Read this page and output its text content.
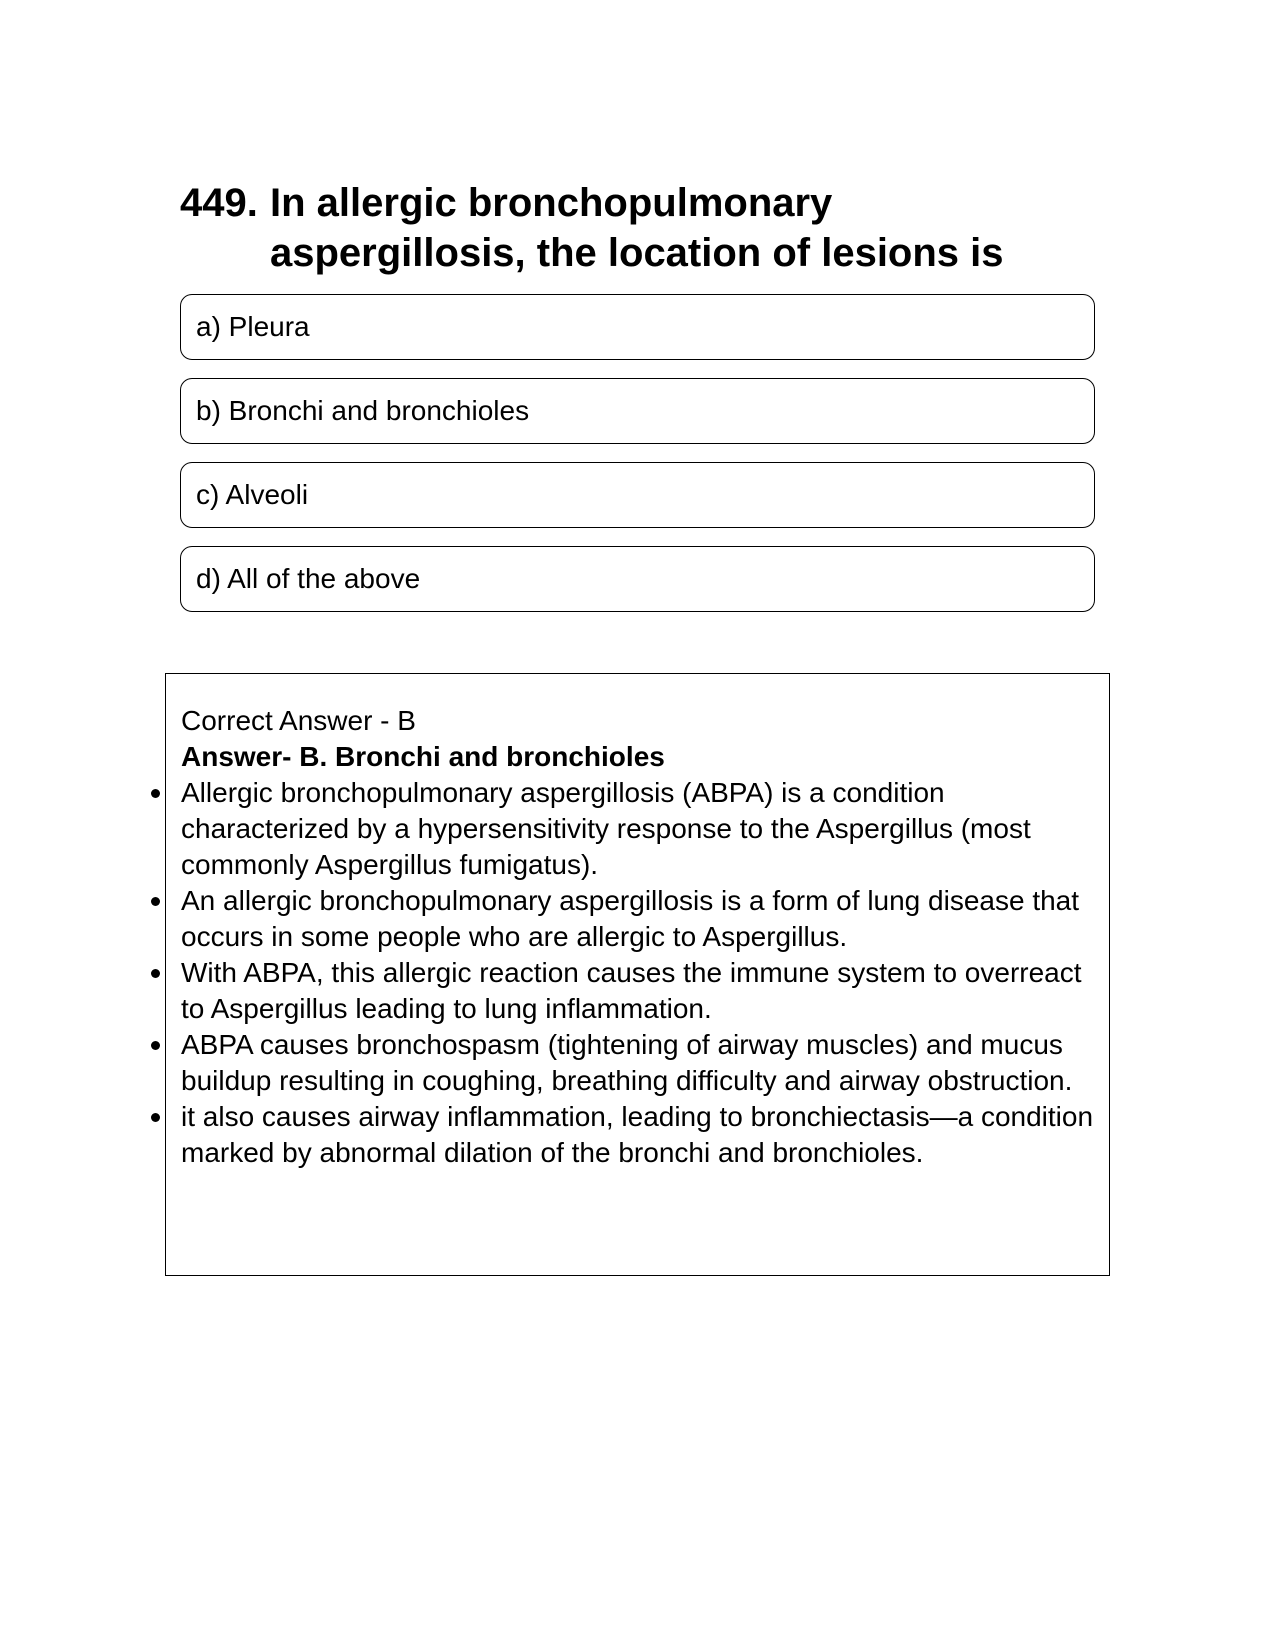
449. In allergic bronchopulmonary aspergillosis, the location of lesions is
a) Pleura
b) Bronchi and bronchioles
c) Alveoli
d) All of the above

Correct Answer - B

Answer- B. Bronchi and bronchioles

Allergic bronchopulmonary aspergillosis (ABPA) is a condition characterized by a hypersensitivity response to the Aspergillus (most commonly Aspergillus fumigatus).
An allergic bronchopulmonary aspergillosis is a form of lung disease that occurs in some people who are allergic to Aspergillus.
With ABPA, this allergic reaction causes the immune system to overreact to Aspergillus leading to lung inflammation.
ABPA causes bronchospasm (tightening of airway muscles) and mucus buildup resulting in coughing, breathing difficulty and airway obstruction.
it also causes airway inflammation, leading to bronchiectasis—a condition marked by abnormal dilation of the bronchi and bronchioles.
